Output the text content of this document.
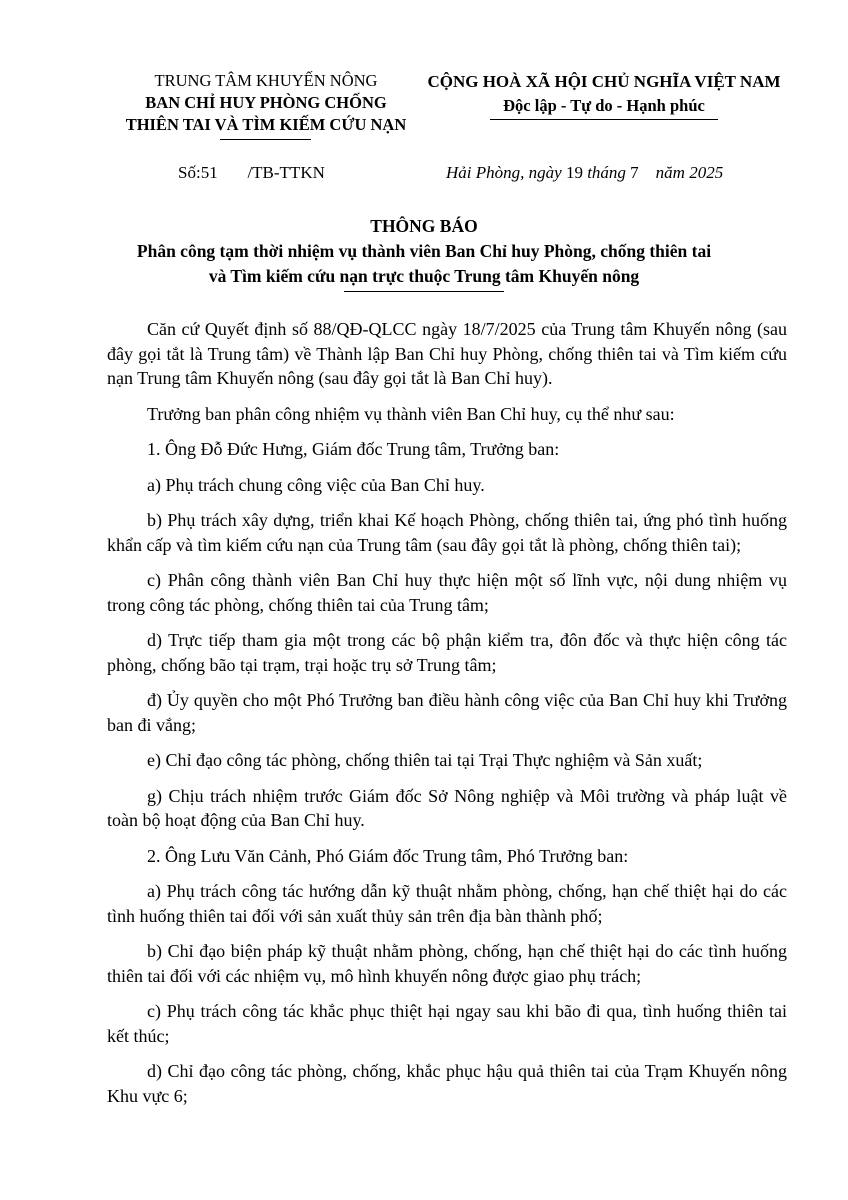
TRUNG TÂM KHUYẾN NÔNG
BAN CHỈ HUY PHÒNG CHỐNG
THIÊN TAI VÀ TÌM KIẾM CỨU NẠN
CỘNG HOÀ XÃ HỘI CHỦ NGHĨA VIỆT NAM
Độc lập - Tự do - Hạnh phúc
Số:51 /TB-TTKN	Hải Phòng, ngày 19 tháng 7 năm 2025
THÔNG BÁO
Phân công tạm thời nhiệm vụ thành viên Ban Chỉ huy Phòng, chống thiên tai
và Tìm kiếm cứu nạn trực thuộc Trung tâm Khuyến nông

Căn cứ Quyết định số 88/QĐ-QLCC ngày 18/7/2025 của Trung tâm Khuyến nông (sau đây gọi tắt là Trung tâm) về Thành lập Ban Chỉ huy Phòng, chống thiên tai và Tìm kiếm cứu nạn Trung tâm Khuyến nông (sau đây gọi tắt là Ban Chỉ huy).

Trưởng ban phân công nhiệm vụ thành viên Ban Chỉ huy, cụ thể như sau:

1. Ông Đỗ Đức Hưng, Giám đốc Trung tâm, Trưởng ban:

a) Phụ trách chung công việc của Ban Chỉ huy.

b) Phụ trách xây dựng, triển khai Kế hoạch Phòng, chống thiên tai, ứng phó tình huống khẩn cấp và tìm kiếm cứu nạn của Trung tâm (sau đây gọi tắt là phòng, chống thiên tai);

c) Phân công thành viên Ban Chỉ huy thực hiện một số lĩnh vực, nội dung nhiệm vụ trong công tác phòng, chống thiên tai của Trung tâm;

d) Trực tiếp tham gia một trong các bộ phận kiểm tra, đôn đốc và thực hiện công tác phòng, chống bão tại trạm, trại hoặc trụ sở Trung tâm;

đ) Ủy quyền cho một Phó Trưởng ban điều hành công việc của Ban Chỉ huy khi Trưởng ban đi vắng;

e) Chỉ đạo công tác phòng, chống thiên tai tại Trại Thực nghiệm và Sản xuất;

g) Chịu trách nhiệm trước Giám đốc Sở Nông nghiệp và Môi trường và pháp luật về toàn bộ hoạt động của Ban Chỉ huy.

2. Ông Lưu Văn Cảnh, Phó Giám đốc Trung tâm, Phó Trưởng ban:

a) Phụ trách công tác hướng dẫn kỹ thuật nhằm phòng, chống, hạn chế thiệt hại do các tình huống thiên tai đối với sản xuất thủy sản trên địa bàn thành phố;

b) Chỉ đạo biện pháp kỹ thuật nhằm phòng, chống, hạn chế thiệt hại do các tình huống thiên tai đối với các nhiệm vụ, mô hình khuyến nông được giao phụ trách;

c) Phụ trách công tác khắc phục thiệt hại ngay sau khi bão đi qua, tình huống thiên tai kết thúc;

d) Chỉ đạo công tác phòng, chống, khắc phục hậu quả thiên tai của Trạm Khuyến nông Khu vực 6;
